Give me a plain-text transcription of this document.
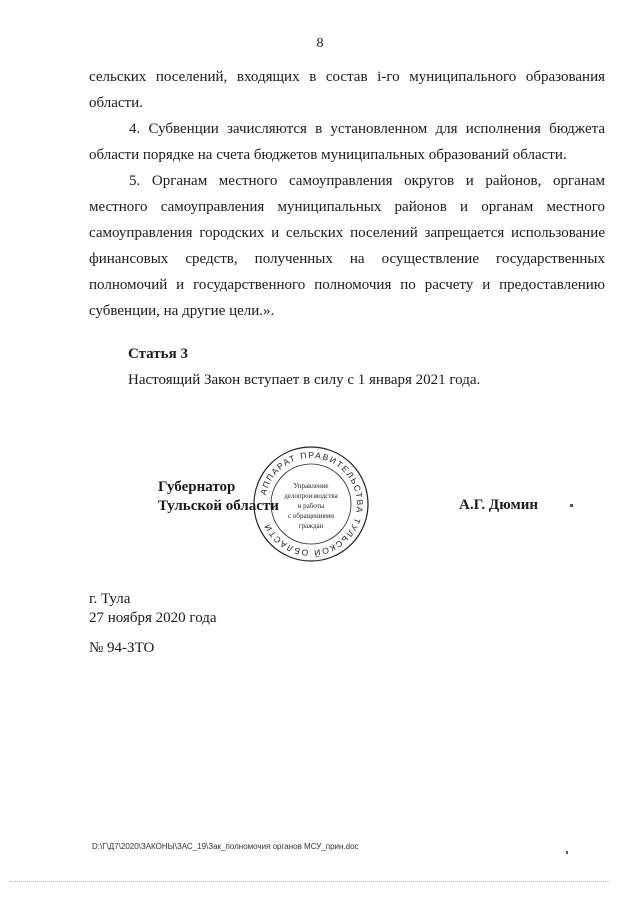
8

сельских поселений, входящих в состав i-го муниципального образования области.

4. Субвенции зачисляются в установленном для исполнения бюджета области порядке на счета бюджетов муниципальных образований области.

5. Органам местного самоуправления округов и районов, органам местного самоуправления муниципальных районов и органам местного самоуправления городских и сельских поселений запрещается использование финансовых средств, полученных на осуществление государственных полномочий и государственного полномочия по расчету и предоставлению субвенции, на другие цели.».

Статья 3
Настоящий Закон вступает в силу с 1 января 2021 года.
АППАРАТ ПРАВИТЕЛЬСТВА ТУЛЬСКОЙ ОБЛАСТИ
Управление
делопроизводства
и работы
с обращениями
граждан
Губернатор
Тульской области	А.Г. Дюмин
г. Тула
27 ноября 2020 года
№ 94-ЗТО
D:\Г\Д7\2020\ЗАКОНЫ\ЗАС_19\Зак_полномочия органов МСУ_прин.doc
